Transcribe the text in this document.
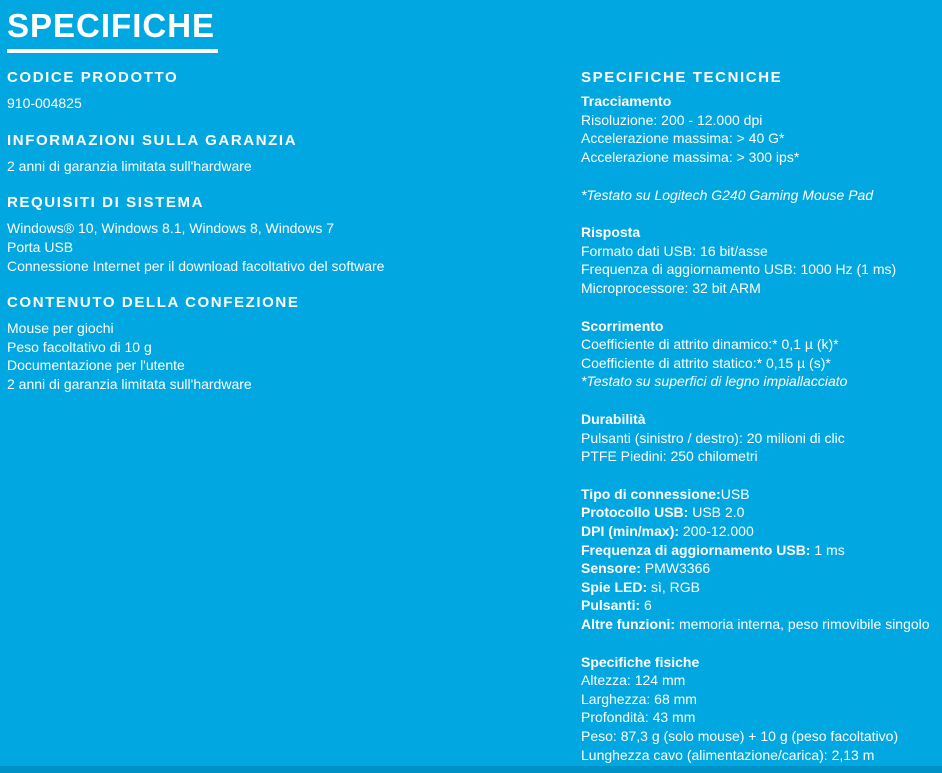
SPECIFICHE
CODICE PRODOTTO

910-004825

INFORMAZIONI SULLA GARANZIA

2 anni di garanzia limitata sull'hardware

REQUISITI DI SISTEMA

Windows® 10, Windows 8.1, Windows 8, Windows 7

Porta USB

Connessione Internet per il download facoltativo del software

CONTENUTO DELLA CONFEZIONE

Mouse per giochi

Peso facoltativo di 10 g

Documentazione per l'utente

2 anni di garanzia limitata sull'hardware

SPECIFICHE TECNICHE

Tracciamento

Risoluzione: 200 - 12.000 dpi

Accelerazione massima: > 40 G*

Accelerazione massima: > 300 ips*

*Testato su Logitech G240 Gaming Mouse Pad

Risposta

Formato dati USB: 16 bit/asse

Frequenza di aggiornamento USB: 1000 Hz (1 ms)

Microprocessore: 32 bit ARM

Scorrimento

Coefficiente di attrito dinamico:* 0,1 µ (k)*

Coefficiente di attrito statico:* 0,15 µ (s)*

*Testato su superfici di legno impiallacciato

Durabilità

Pulsanti (sinistro / destro): 20 milioni di clic

PTFE Piedini: 250 chilometri

Tipo di connessione:USB

Protocollo USB: USB 2.0

DPI (min/max): 200-12.000

Frequenza di aggiornamento USB: 1 ms

Sensore: PMW3366

Spie LED: sì, RGB

Pulsanti: 6

Altre funzioni: memoria interna, peso rimovibile singolo

Specifiche fisiche

Altezza: 124 mm

Larghezza: 68 mm

Profondità: 43 mm

Peso: 87,3 g (solo mouse) + 10 g (peso facoltativo)

Lunghezza cavo (alimentazione/carica): 2,13 m
